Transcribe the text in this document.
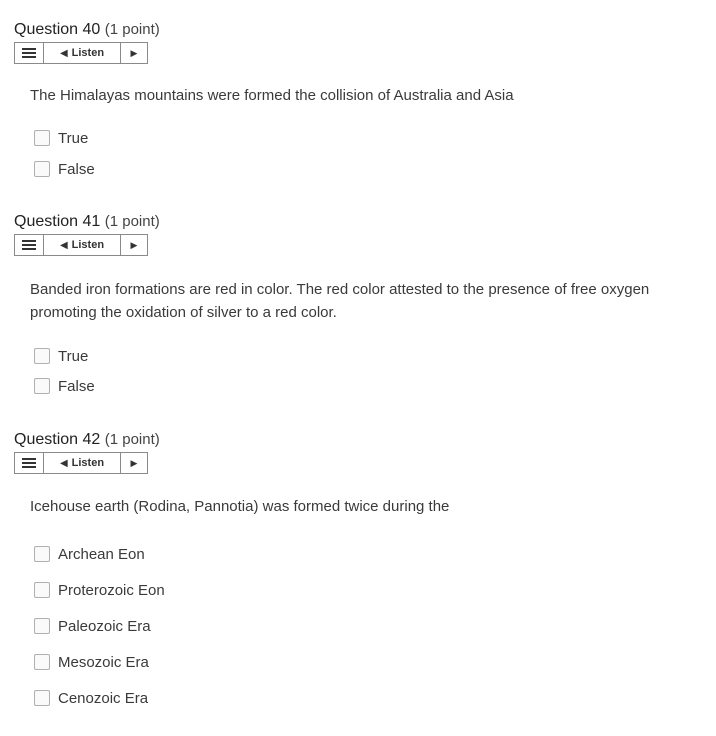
Question 40 (1 point)
◀ Listen	▶
The Himalayas mountains were formed the collision of Australia and Asia
True
False
Question 41 (1 point)
◀ Listen	▶
Banded iron formations are red in color. The red color attested to the presence of free oxygen promoting the oxidation of silver to a red color.
True
False
Question 42 (1 point)
◀ Listen	▶
Icehouse earth (Rodina, Pannotia) was formed twice during the
Archean Eon
Proterozoic Eon
Paleozoic Era
Mesozoic Era
Cenozoic Era
